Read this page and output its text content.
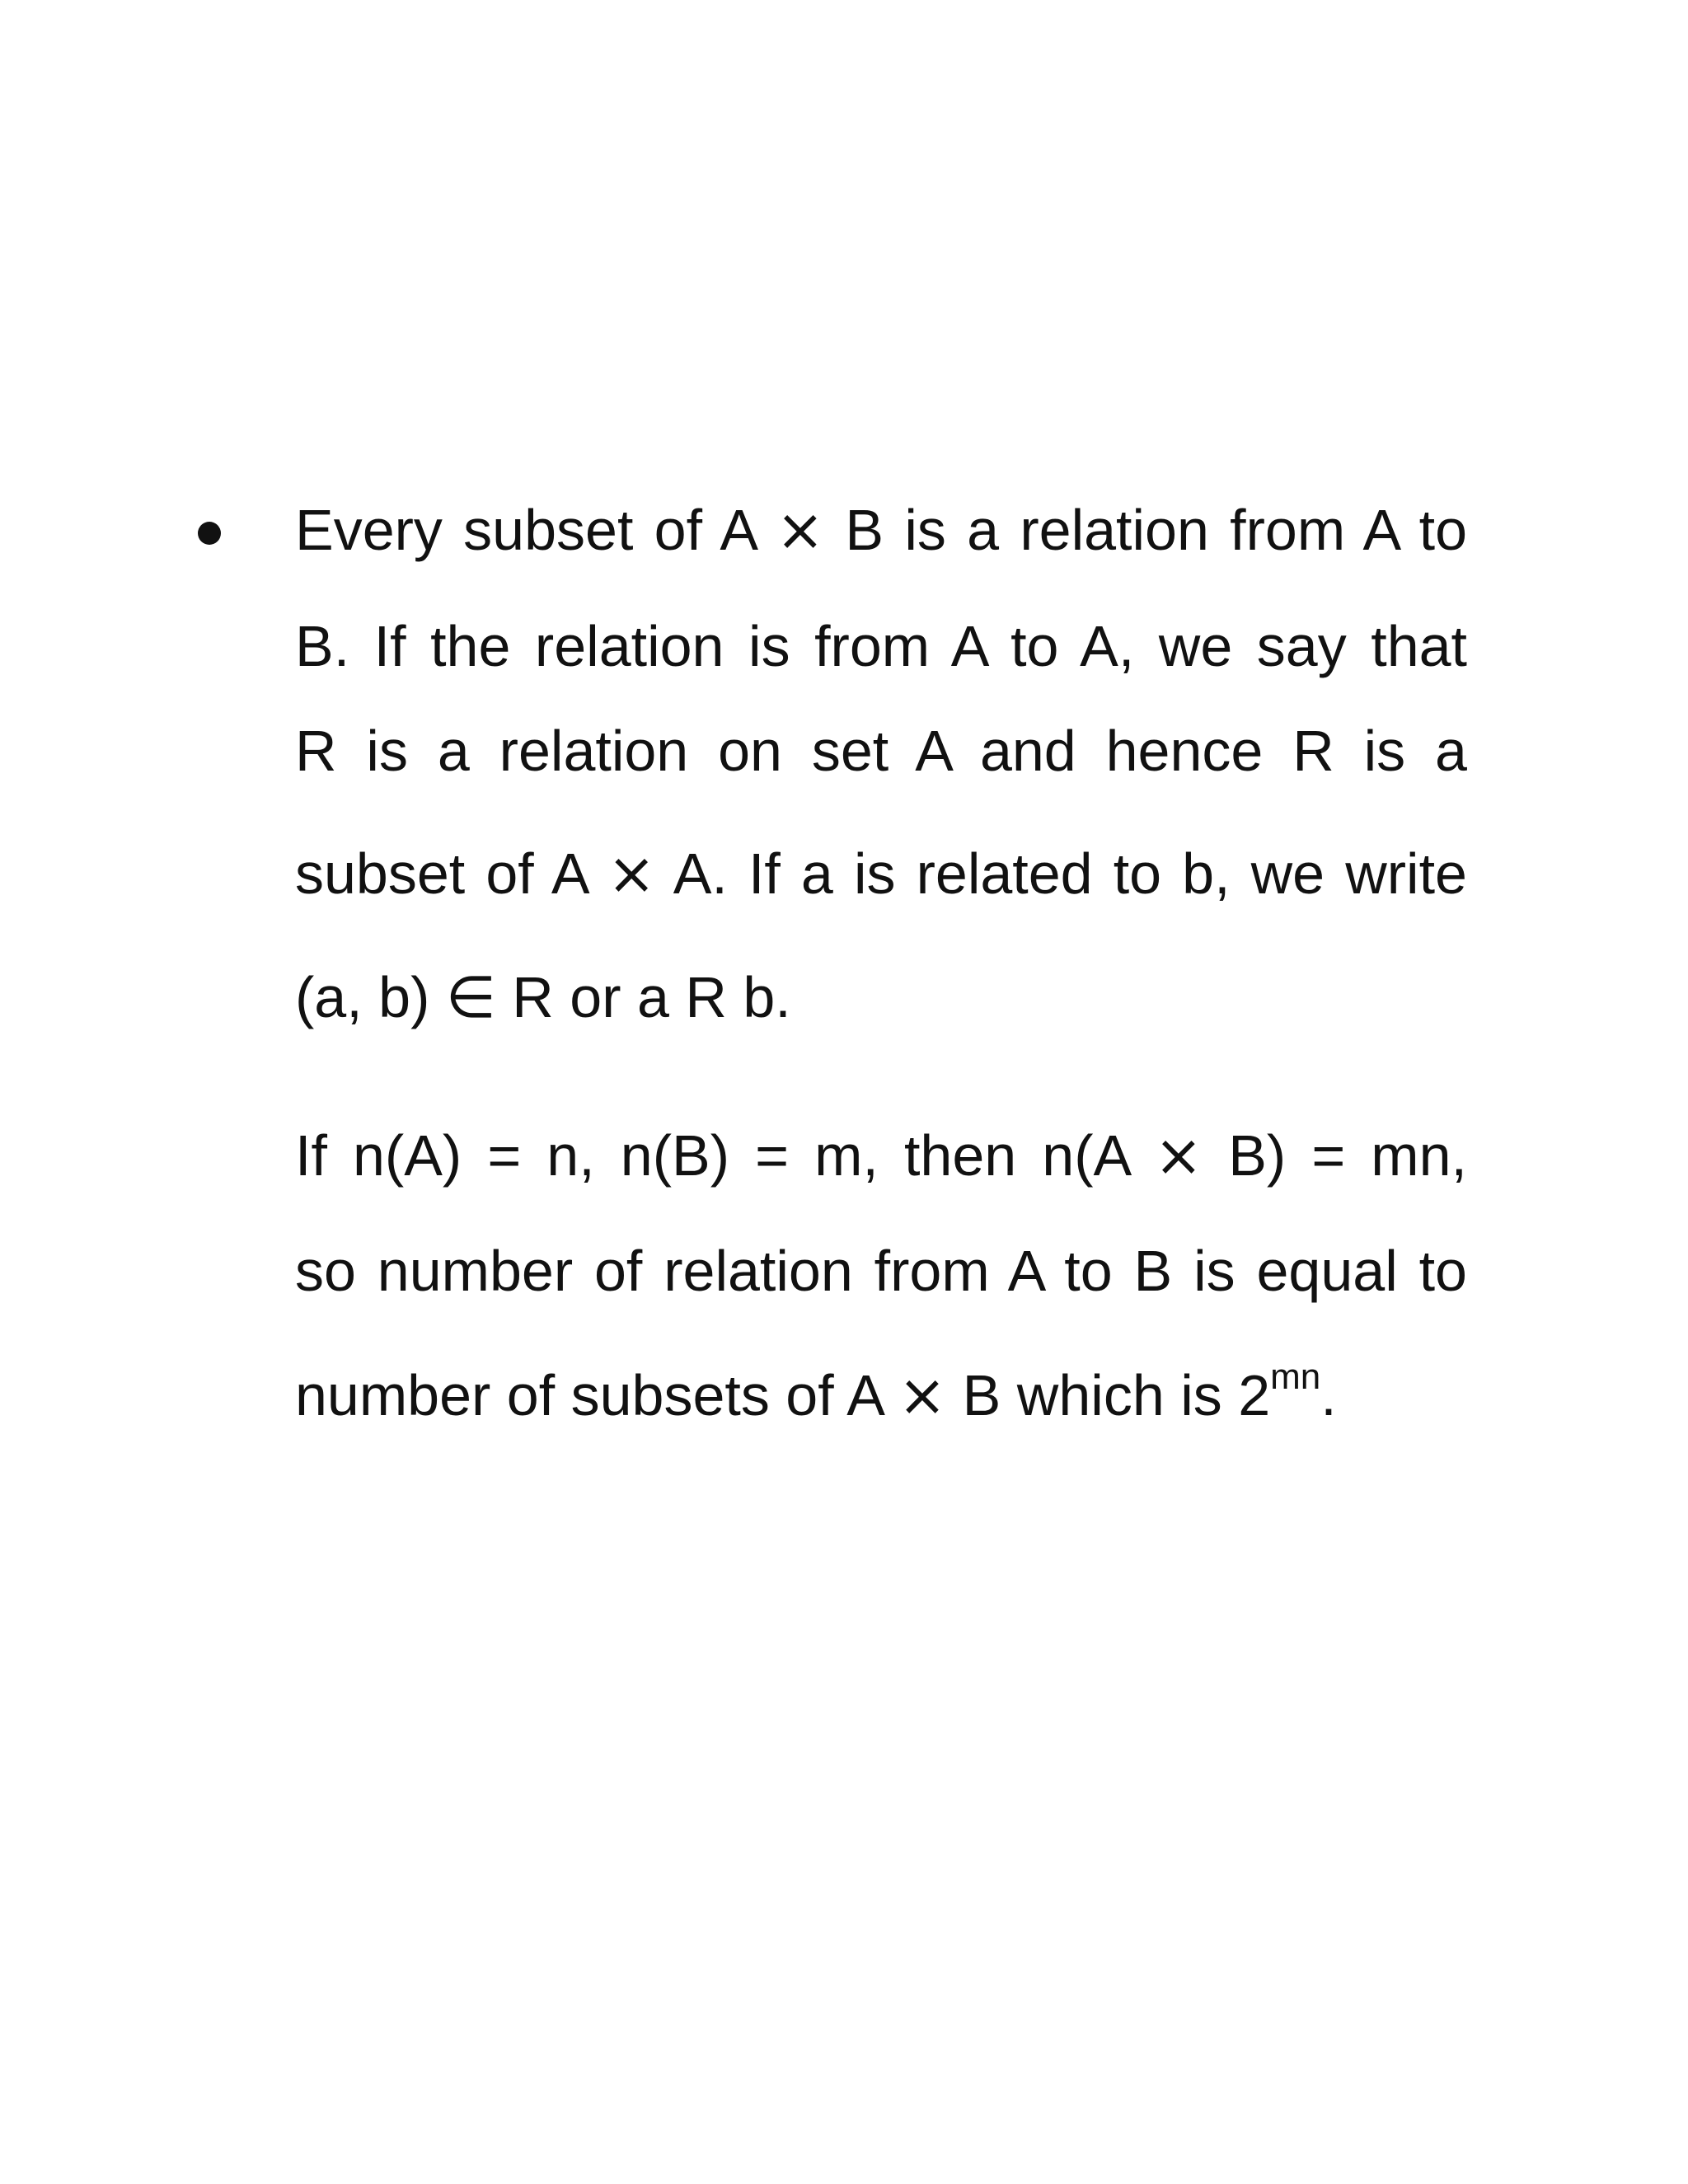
Every subset of A × B is a relation from A to
B. If the relation is from A to A, we say that
R is a relation on set A and hence R is a
subset of A × A. If a is related to b, we write
(a, b) ∈ R or a R b.
If n(A) = n, n(B) = m, then n(A × B) = mn,
so number of relation from A to B is equal to
number of subsets of A × B which is $2^{mn}$.
